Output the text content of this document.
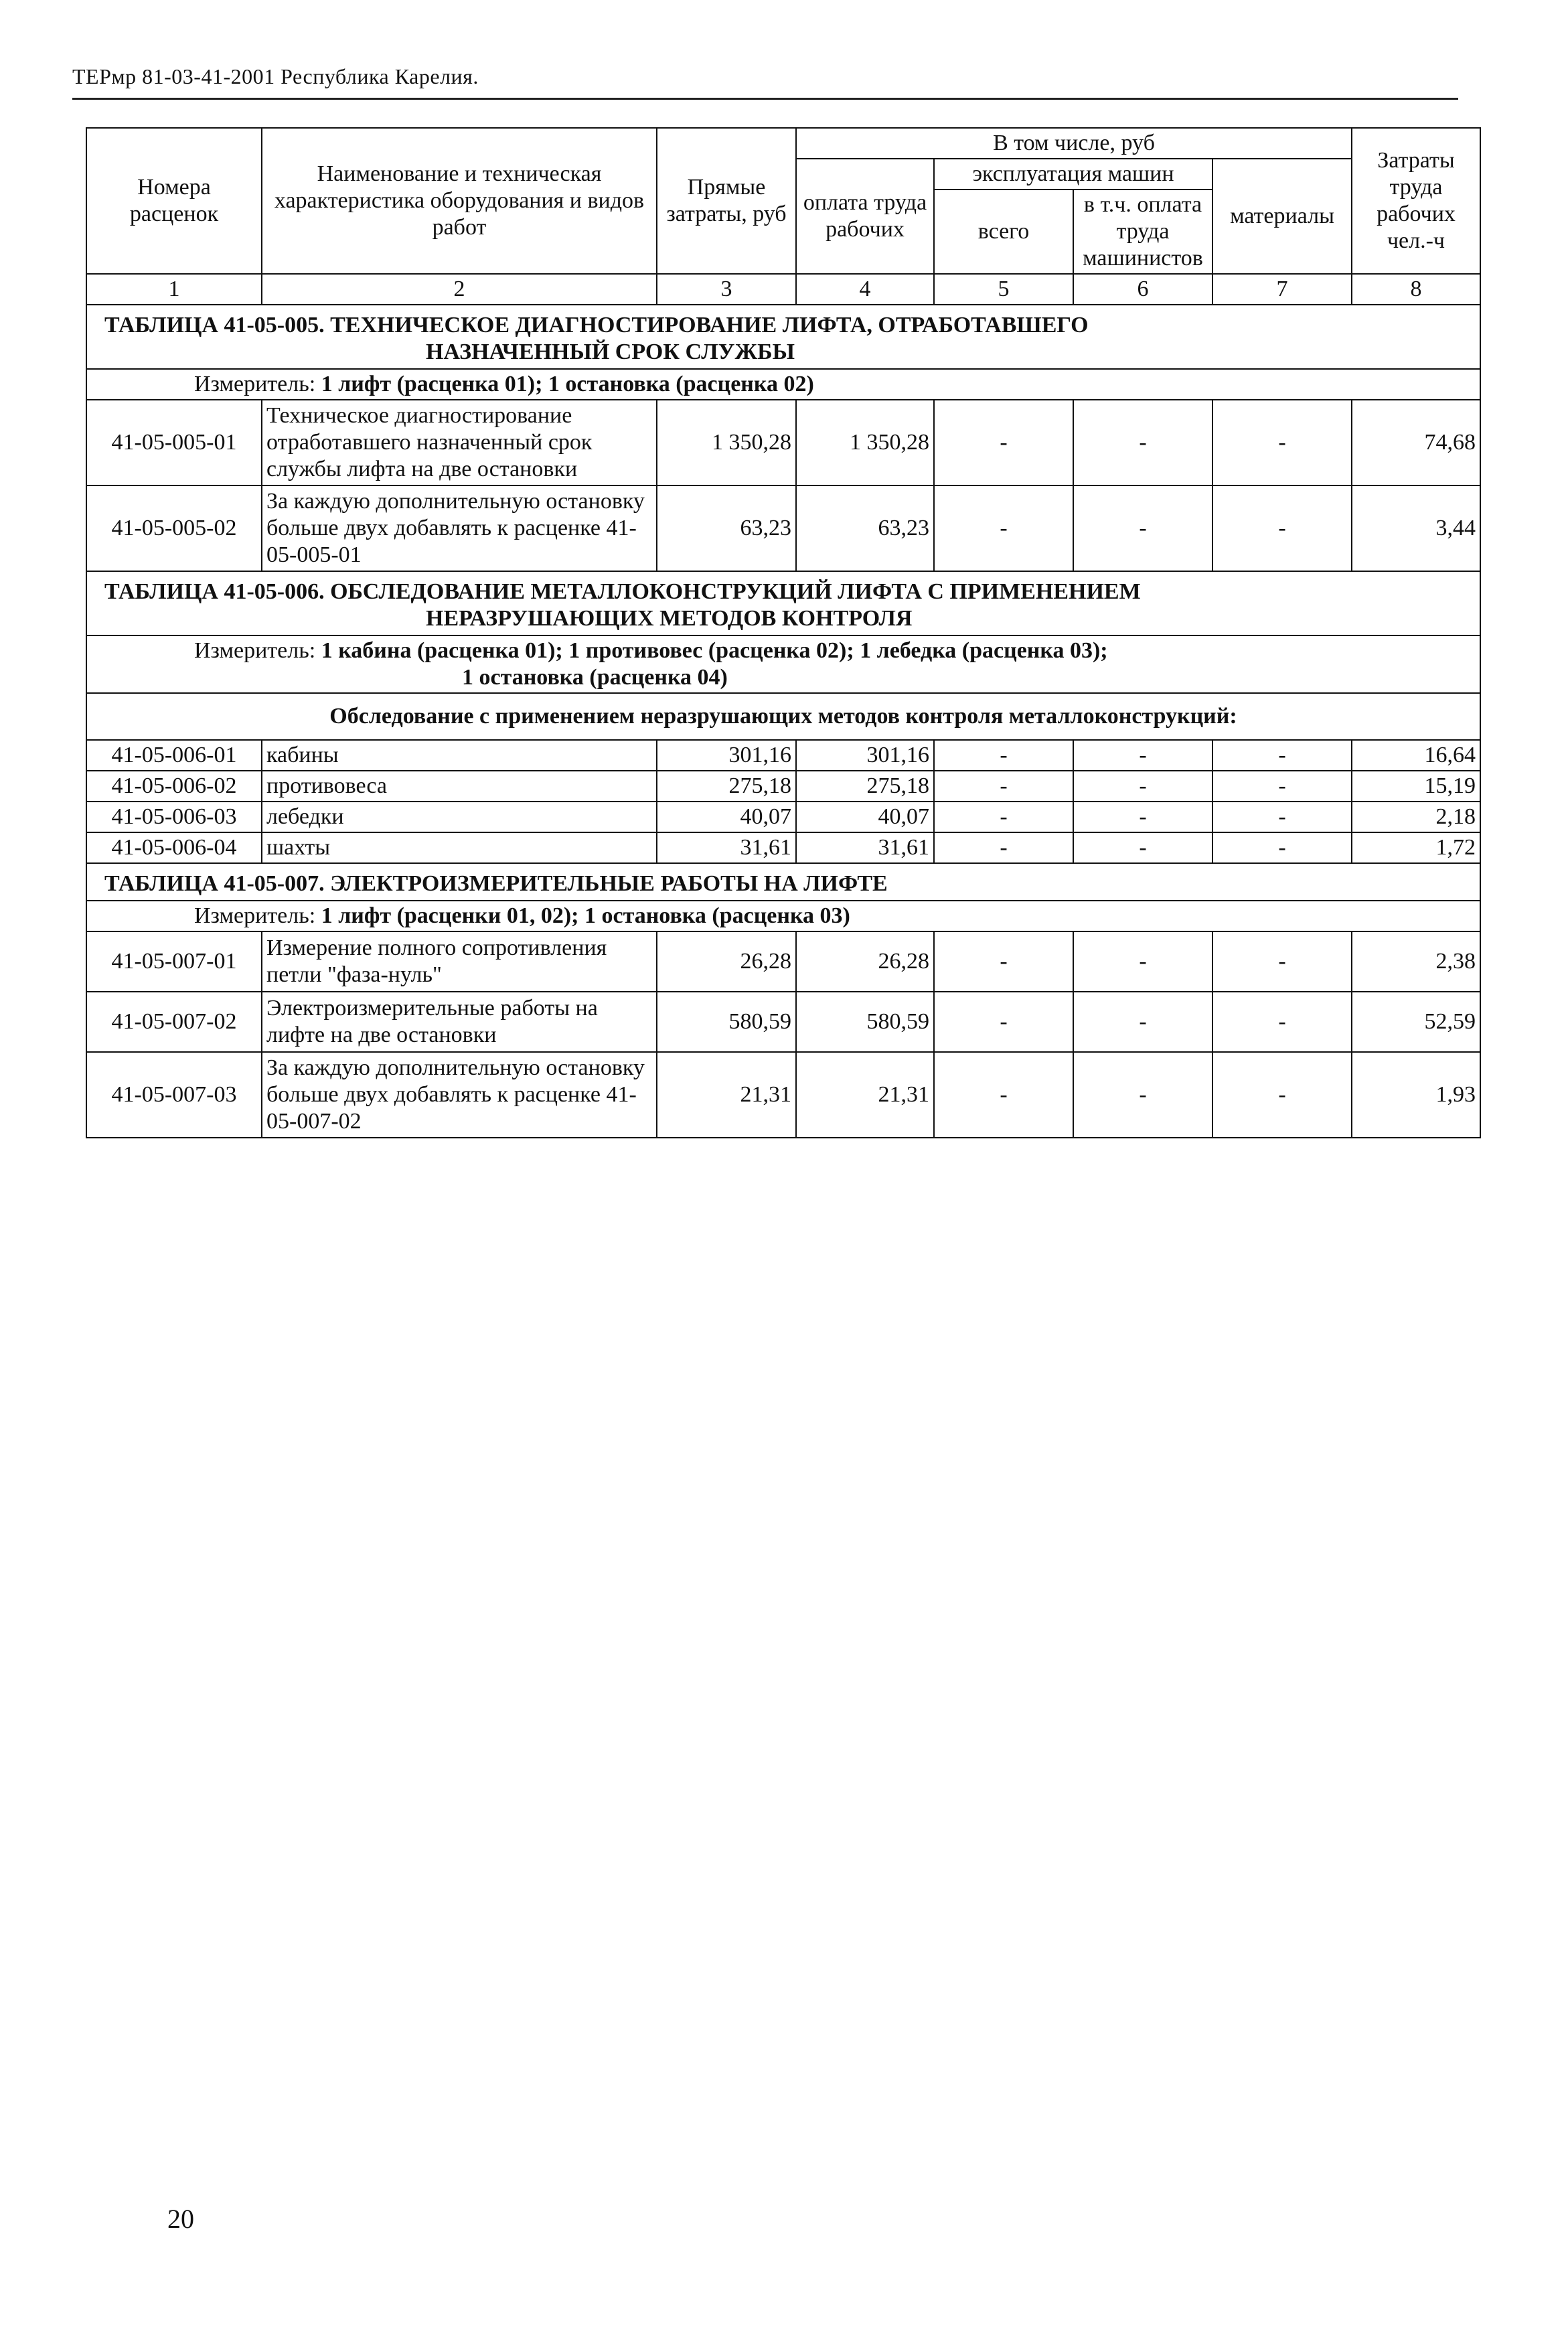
ТЕРмр 81-03-41-2001 Республика Карелия.
Номера расценок	Наименование и техническая характеристика оборудования и видов работ	Прямые затраты, руб	В том числе, руб				Затраты труда рабочих чел.-ч
			оплата труда рабочих	эксплуатация машин		материалы	
				всего	в т.ч. оплата труда машинистов		

1	2	3	4	5	6	7	8

ТАБЛИЦА 41-05-005. ТЕХНИЧЕСКОЕ ДИАГНОСТИРОВАНИЕ ЛИФТА, ОТРАБОТАВШЕГО
НАЗНАЧЕННЫЙ СРОК СЛУЖБЫ							

Измеритель: 1 лифт (расценка 01); 1 остановка (расценка 02)							
41-05-005-01	Техническое диагностирование отработавшего назначенный срок службы лифта на две остановки	1 350,28	1 350,28	-	-	-	74,68
41-05-005-02	За каждую дополнительную остановку больше двух добавлять к расценке 41-05-005-01	63,23	63,23	-	-	-	3,44

ТАБЛИЦА 41-05-006. ОБСЛЕДОВАНИЕ МЕТАЛЛОКОНСТРУКЦИЙ ЛИФТА С ПРИМЕНЕНИЕМ
НЕРАЗРУШАЮЩИХ МЕТОДОВ КОНТРОЛЯ							

Измеритель: 1 кабина (расценка 01); 1 противовес (расценка 02); 1 лебедка (расценка 03);
1 остановка (расценка 04)							

Обследование с применением неразрушающих методов контроля металлоконструкций:							
41-05-006-01	кабины	301,16	301,16	-	-	-	16,64
41-05-006-02	противовеса	275,18	275,18	-	-	-	15,19
41-05-006-03	лебедки	40,07	40,07	-	-	-	2,18
41-05-006-04	шахты	31,61	31,61	-	-	-	1,72

ТАБЛИЦА 41-05-007. ЭЛЕКТРОИЗМЕРИТЕЛЬНЫЕ РАБОТЫ НА ЛИФТЕ							

Измеритель: 1 лифт (расценки 01, 02); 1 остановка (расценка 03)							
41-05-007-01	Измерение полного сопротивления петли "фаза-нуль"	26,28	26,28	-	-	-	2,38
41-05-007-02	Электроизмерительные работы на лифте на две остановки	580,59	580,59	-	-	-	52,59
41-05-007-03	За каждую дополнительную остановку больше двух добавлять к расценке 41-05-007-02	21,31	21,31	-	-	-	1,93
20
